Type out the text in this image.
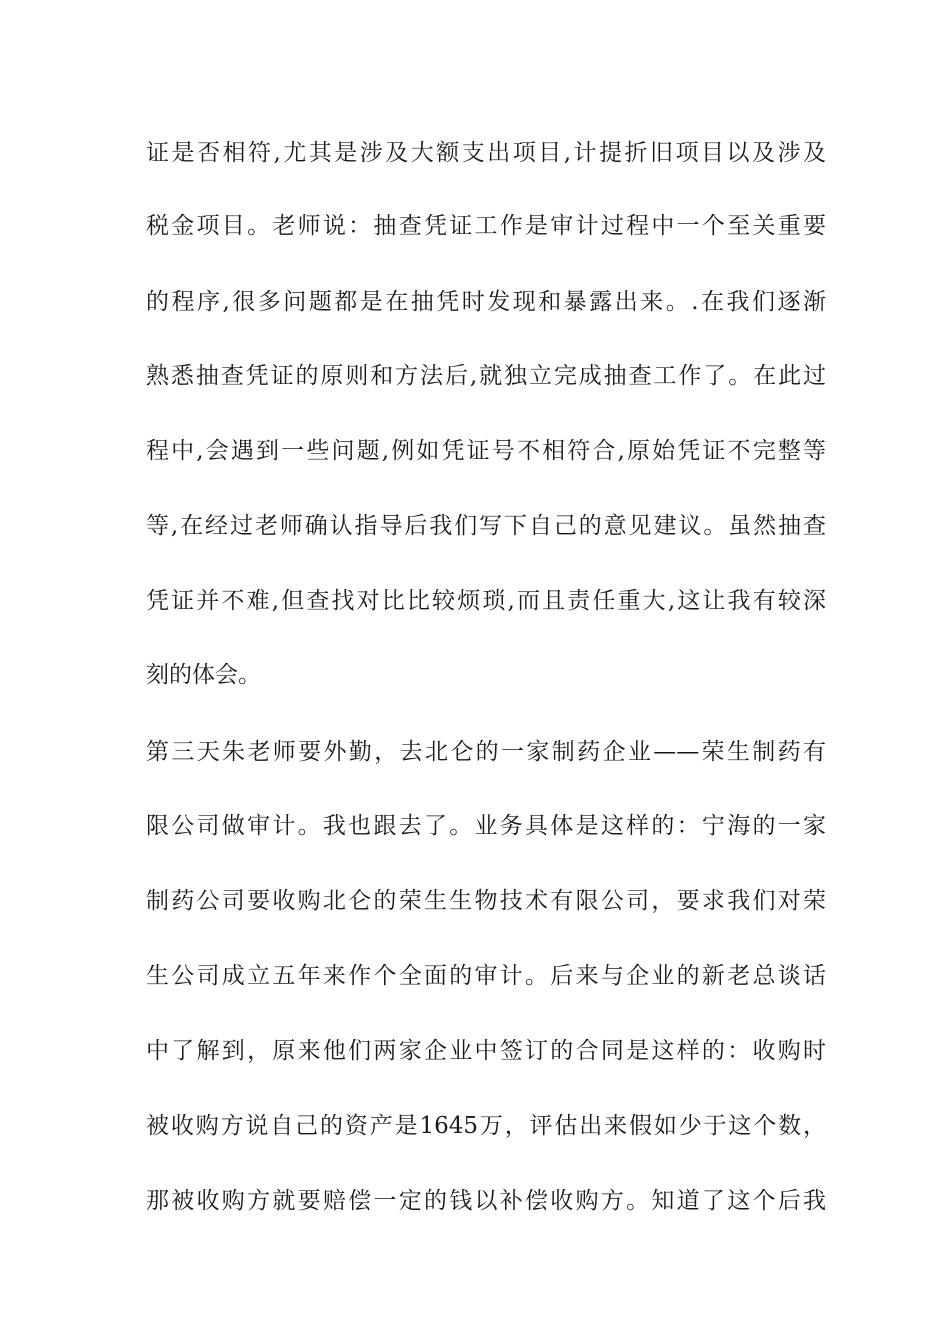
证是否相符,尤其是涉及大额支出项目,计提折旧项目以及涉及
税金项目。老师说：抽查凭证工作是审计过程中一个至关重要
的程序,很多问题都是在抽凭时发现和暴露出来。.在我们逐渐
熟悉抽查凭证的原则和方法后,就独立完成抽查工作了。在此过
程中,会遇到一些问题,例如凭证号不相符合,原始凭证不完整等
等,在经过老师确认指导后我们写下自己的意见建议。虽然抽查
凭证并不难,但查找对比比较烦琐,而且责任重大,这让我有较深
刻的体会。
第三天朱老师要外勤，去北仑的一家制药企业——荣生制药有
限公司做审计。我也跟去了。业务具体是这样的：宁海的一家
制药公司要收购北仑的荣生生物技术有限公司，要求我们对荣
生公司成立五年来作个全面的审计。后来与企业的新老总谈话
中了解到，原来他们两家企业中签订的合同是这样的：收购时
被收购方说自己的资产是1645万，评估出来假如少于这个数，
那被收购方就要赔偿一定的钱以补偿收购方。知道了这个后我
